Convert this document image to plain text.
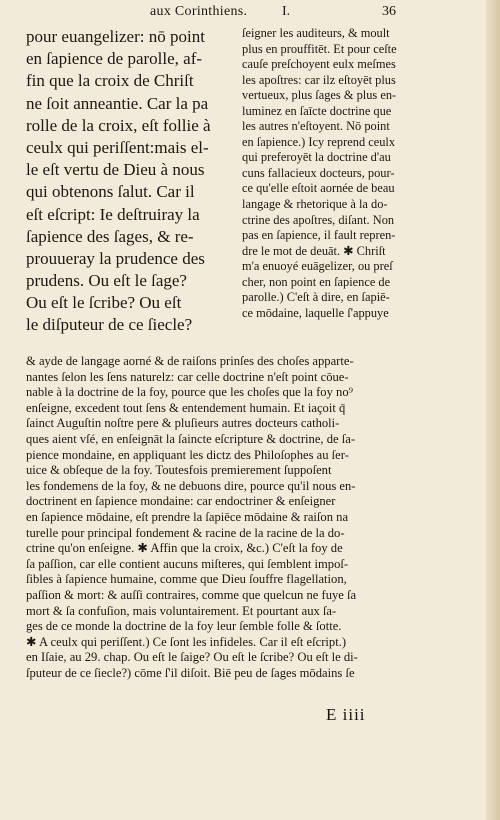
aux Corinthiens. I.	36
pour euangelizer: nō point
en ſapience de parolle, af-
fin que la croix de Chriſt
ne ſoit anneantie. Car la pa
rolle de la croix, eſt follie à
ceulx qui periſſent:mais el-
le eſt vertu de Dieu à nous
qui obtenons ſalut. Car il
eſt eſcript: Ie deſtruiray la
ſapience des ſages, & re-
prouueray la prudence des
prudens. Ou eſt le ſage?
Ou eſt le ſcribe? Ou eſt
le diſputeur de ce ſiecle?
ſeigner les auditeurs, & moult
plus en prouffitēt. Et pour ceſte
cauſe preſchoyent eulx meſmes
les apoſtres: car ilz eſtoyēt plus
vertueux, plus ſages & plus en-
luminez en ſaīcte doctrine que
les autres n'eſtoyent. Nō point
en ſapience.) Icy reprend ceulx
qui preferoyēt la doctrine d'au
cuns fallacieux docteurs, pour-
ce qu'elle eſtoit aornée de beau
langage & rhetorique à la do-
ctrine des apoſtres, diſant. Non
pas en ſapience, il fault repren-
dre le mot de deuāt. ✱ Chriſt
m'a enuoyé euāgelizer, ou preſ
cher, non point en ſapience de
parolle.) C'eſt à dire, en ſapiē-
ce mōdaine, laquelle ſ'appuye
& ayde de langage aorné & de raiſons prinſes des choſes apparte-
nantes ſelon les ſens naturelz: car celle doctrine n'eſt point cōue-
nable à la doctrine de la foy, pource que les choſes que la foy no⁹
enſeigne, excedent tout ſens & entendement humain. Et iaçoit q̄
ſainct Auguſtin noſtre pere & pluſieurs autres docteurs catholi-
ques aient vſé, en enſeignāt la ſaincte eſcripture & doctrine, de ſa-
pience mondaine, en appliquant les dictz des Philoſophes au ſer-
uice & obſeque de la foy. Toutesfois premierement ſuppoſent
les fondemens de la foy, & ne debuons dire, pource qu'il nous en-
doctrinent en ſapience mondaine: car endoctriner & enſeigner
en ſapience mōdaine, eſt prendre la ſapiēce mōdaine & raiſon na
turelle pour principal fondement & racine de la racine de la do-
ctrine qu'on enſeigne. ✱ Affin que la croix, &c.) C'eſt la foy de
ſa paſſion, car elle contient aucuns miſteres, qui ſemblent impoſ-
ſibles à ſapience humaine, comme que Dieu ſouffre flagellation,
paſſion & mort: & auſſi contraires, comme que quelcun ne fuye ſa
mort & ſa confuſion, mais voluntairement. Et pourtant aux ſa-
ges de ce monde la doctrine de la foy leur ſemble folle & ſotte.
✱ A ceulx qui periſſent.) Ce ſont les infideles. Car il eſt eſcript.)
en Iſaie, au 29. chap. Ou eſt le ſaige? Ou eſt le ſcribe? Ou eſt le di-
ſputeur de ce ſiecle?) cōme ſ'il diſoit. Biē peu de ſages mōdains ſe
E iiii
